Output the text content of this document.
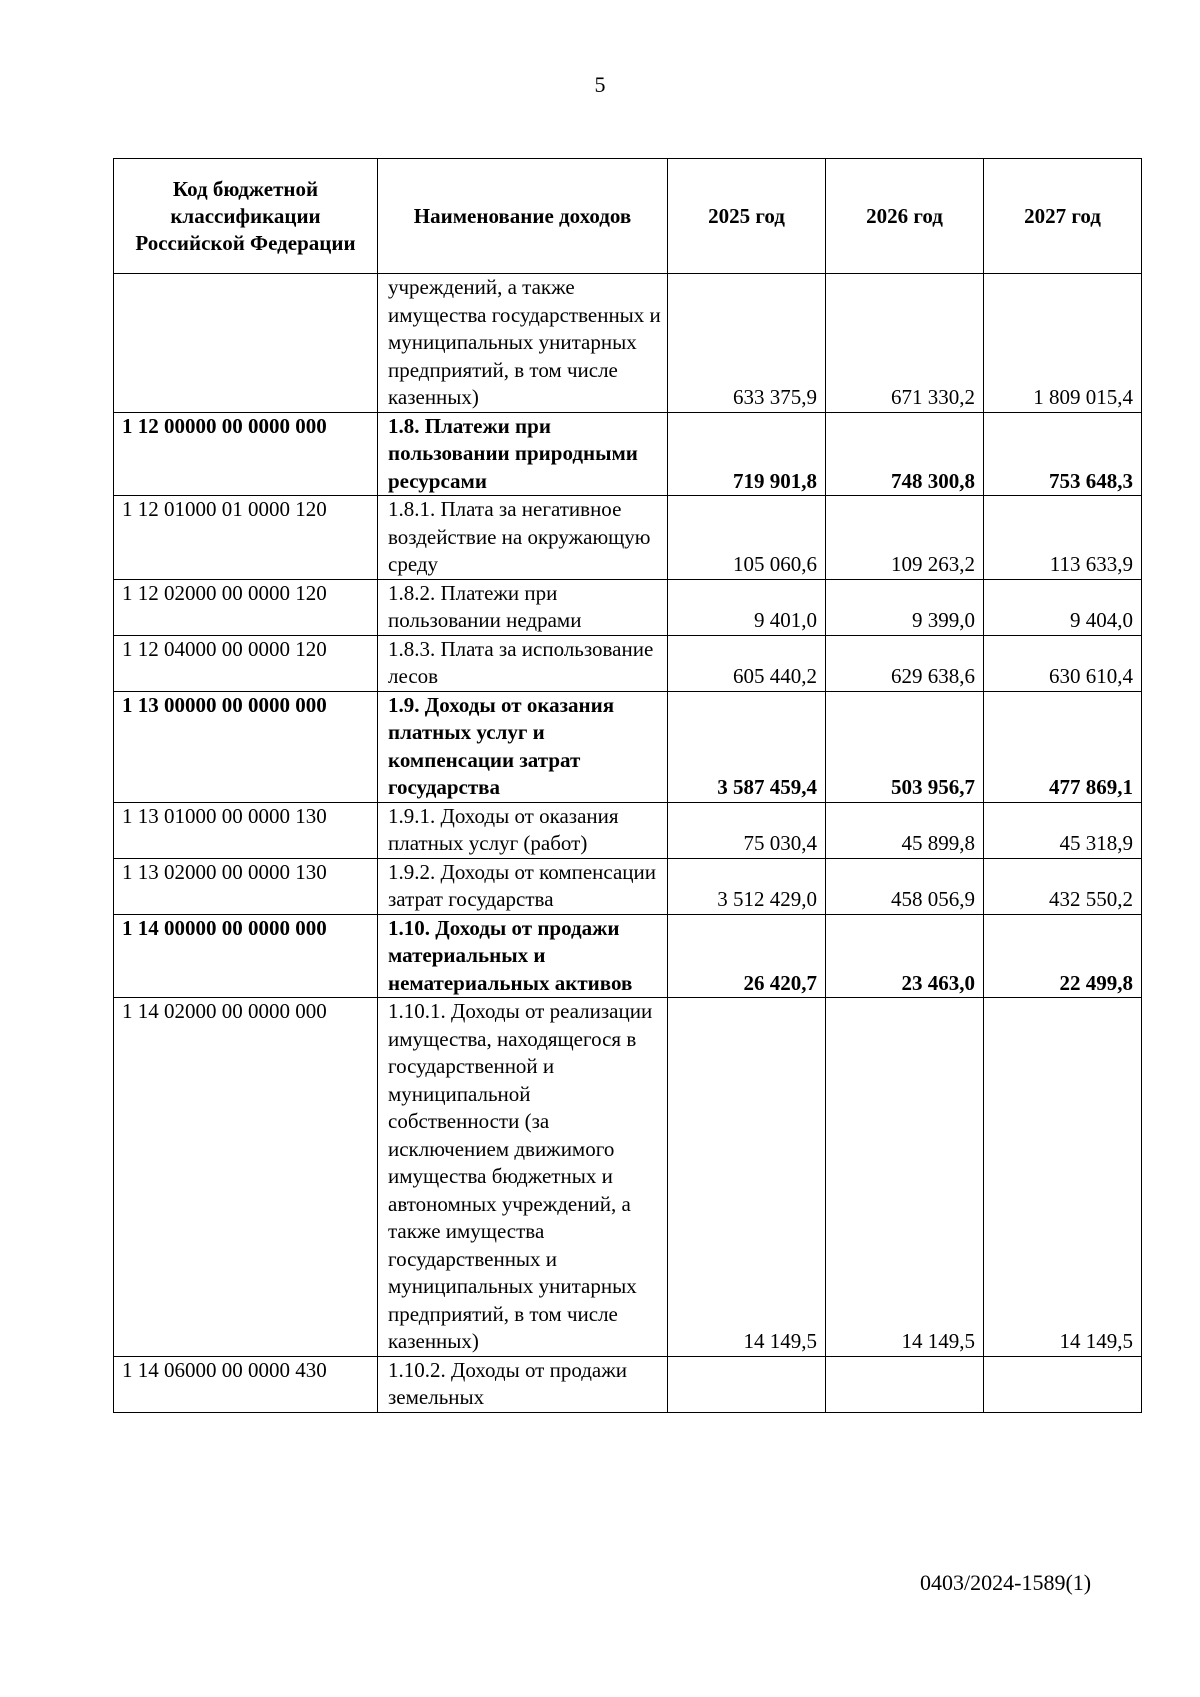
5
Код бюджетной классификации Российской Федерации	Наименование доходов	2025 год	2026 год	2027 год
	учреждений, а также имущества государственных и муниципальных унитарных предприятий, в том числе казенных)	633 375,9	671 330,2	1 809 015,4
1 12 00000 00 0000 000	1.8. Платежи при пользовании природными ресурсами	719 901,8	748 300,8	753 648,3
1 12 01000 01 0000 120	1.8.1. Плата за негативное воздействие на окружающую среду	105 060,6	109 263,2	113 633,9
1 12 02000 00 0000 120	1.8.2. Платежи при пользовании недрами	9 401,0	9 399,0	9 404,0
1 12 04000 00 0000 120	1.8.3. Плата за использование лесов	605 440,2	629 638,6	630 610,4
1 13 00000 00 0000 000	1.9. Доходы от оказания платных услуг и компенсации затрат государства	3 587 459,4	503 956,7	477 869,1
1 13 01000 00 0000 130	1.9.1. Доходы от оказания платных услуг (работ)	75 030,4	45 899,8	45 318,9
1 13 02000 00 0000 130	1.9.2. Доходы от компенсации затрат государства	3 512 429,0	458 056,9	432 550,2
1 14 00000 00 0000 000	1.10. Доходы от продажи материальных и нематериальных активов	26 420,7	23 463,0	22 499,8
1 14 02000 00 0000 000	1.10.1. Доходы от реализации имущества, находящегося в государственной и муниципальной собственности (за исключением движимого имущества бюджетных и автономных учреждений, а также имущества государственных и муниципальных унитарных предприятий, в том числе казенных)	14 149,5	14 149,5	14 149,5
1 14 06000 00 0000 430	1.10.2. Доходы от продажи земельных			
0403/2024-1589(1)
